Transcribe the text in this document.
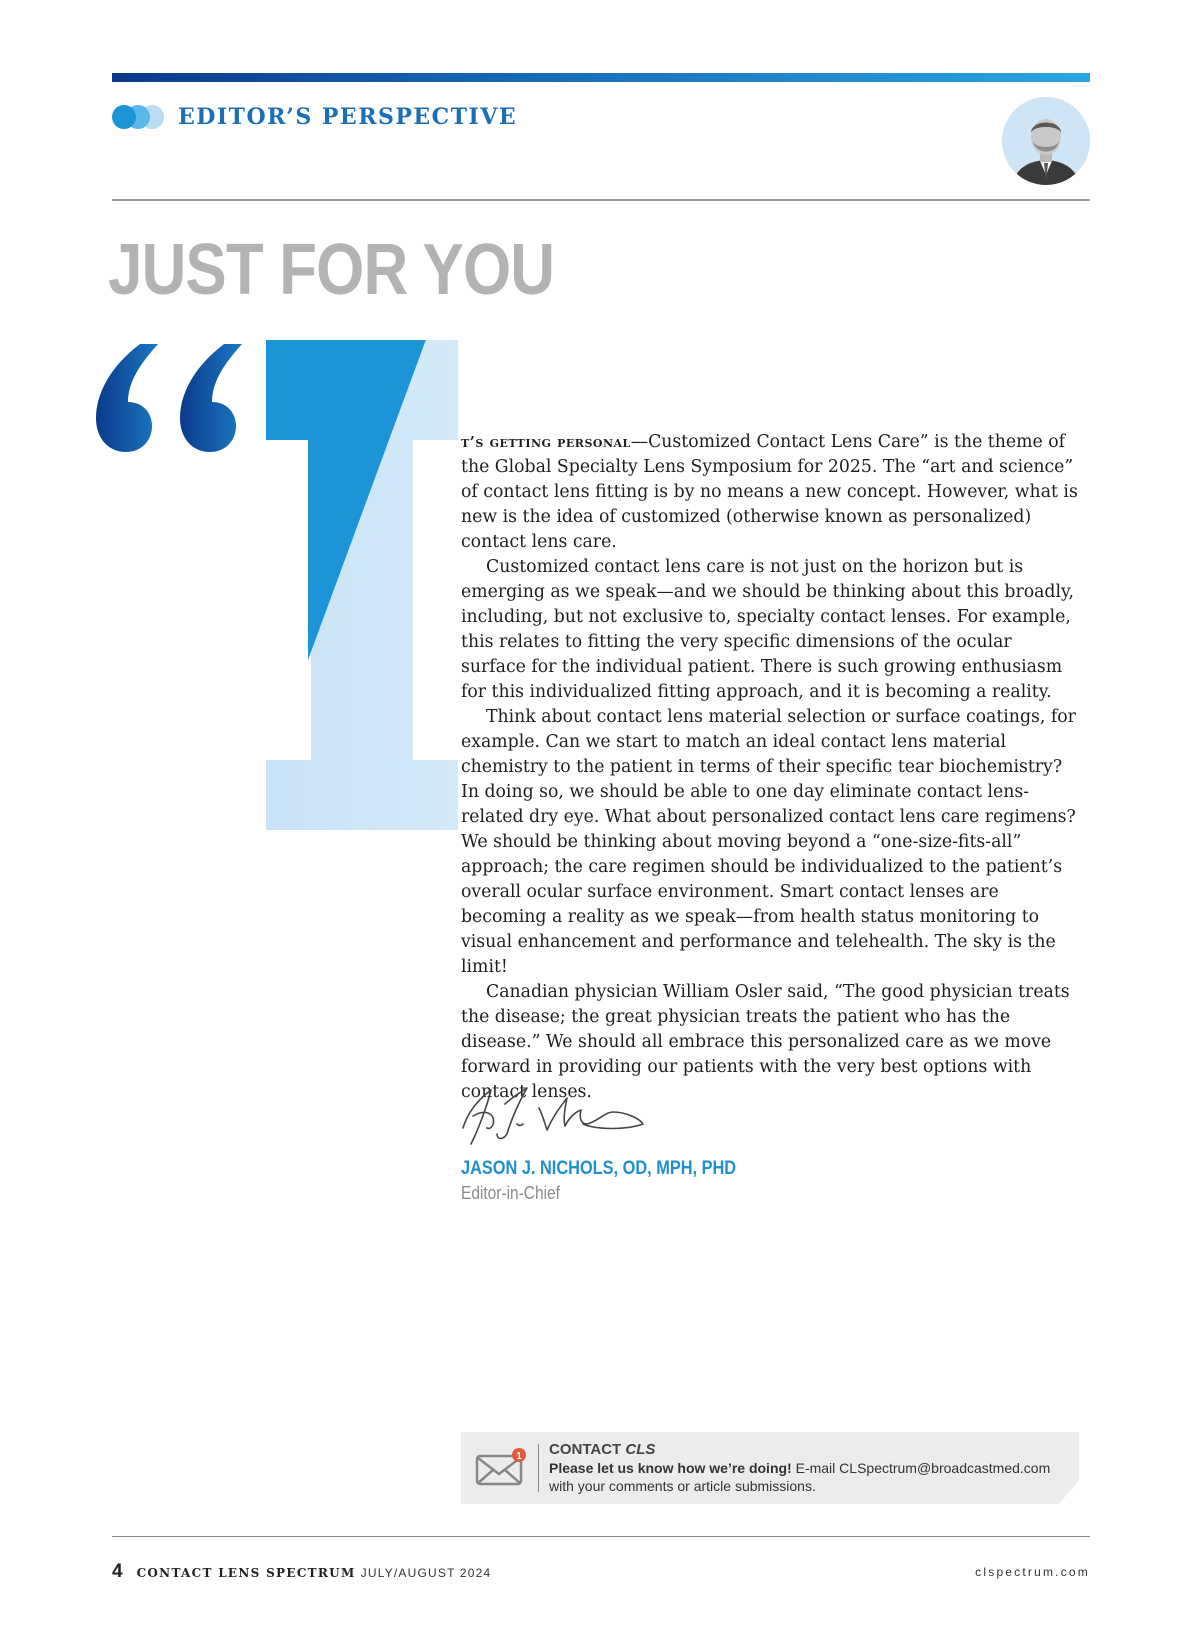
EDITOR’S PERSPECTIVE
JUST FOR YOU

t’s getting personal—Customized Contact Lens Care” is the theme of the Global Specialty Lens Symposium for 2025. The “art and science” of contact lens fitting is by no means a new concept. However, what is new is the idea of customized (otherwise known as personalized) contact lens care.

Customized contact lens care is not just on the horizon but is emerging as we speak—and we should be thinking about this broadly, including, but not exclusive to, specialty contact lenses. For example, this relates to fitting the very specific dimensions of the ocular surface for the individual patient. There is such growing enthusiasm for this individualized fitting approach, and it is becoming a reality.

Think about contact lens material selection or surface coatings, for example. Can we start to match an ideal contact lens material chemistry to the patient in terms of their specific tear biochemistry? In doing so, we should be able to one day eliminate contact lens-related dry eye. What about personalized contact lens care regimens? We should be thinking about moving beyond a “one-size-fits-all” approach; the care regimen should be individualized to the patient’s overall ocular surface environment. Smart contact lenses are becoming a reality as we speak—from health status monitoring to visual enhancement and performance and telehealth. The sky is the limit!

Canadian physician William Osler said, “The good physician treats the disease; the great physician treats the patient who has the disease.” We should all embrace this personalized care as we move forward in providing our patients with the very best options with contact lenses.

JASON J. NICHOLS, OD, MPH, PHD
Editor-in-Chief
1 CONTACT CLS
Please let us know how we’re doing! E-mail CLSpectrum@broadcastmed.com
with your comments or article submissions.
4 CONTACT LENS SPECTRUM JULY/AUGUST 2024	clspectrum.com
